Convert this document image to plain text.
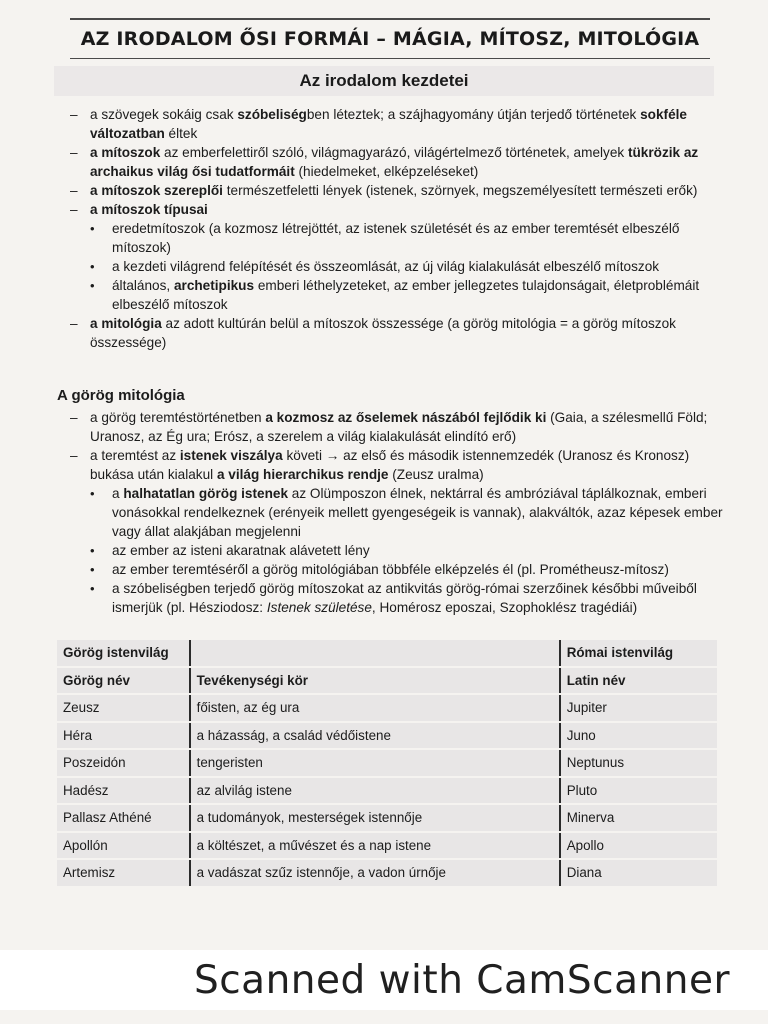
AZ IRODALOM ŐSI FORMÁI – MÁGIA, MÍTOSZ, MITOLÓGIA
Az irodalom kezdetei
– a szövegek sokáig csak szóbeliségben léteztek; a szájhagyomány útján terjedő történetek sokféle változatban éltek
– a mítoszok az emberfelettiről szóló, világmagyarázó, világértelmező történetek, amelyek tükrözik az archaikus világ ősi tudatformáit (hiedelmeket, elképzeléseket)
– a mítoszok szereplői természetfeletti lények (istenek, szörnyek, megszemélyesített természeti erők)
– a mítoszok típusai
• eredetmítoszok (a kozmosz létrejöttét, az istenek születését és az ember teremtését elbeszélő mítoszok)
• a kezdeti világrend felépítését és összeomlását, az új világ kialakulását elbeszélő mítoszok
• általános, archetipikus emberi léthelyzeteket, az ember jellegzetes tulajdonságait, életproblémáit elbeszélő mítoszok
– a mitológia az adott kultúrán belül a mítoszok összessége (a görög mitológia = a görög mítoszok összessége)
A görög mitológia
– a görög teremtéstörténetben a kozmosz az őselemek nászából fejlődik ki (Gaia, a szélesmellű Föld; Uranosz, az Ég ura; Erósz, a szerelem a világ kialakulását elindító erő)
– a teremtést az istenek viszálya követi → az első és második istennemzedék (Uranosz és Kronosz) bukása után kialakul a világ hierarchikus rendje (Zeusz uralma)
• a halhatatlan görög istenek az Olümposzon élnek, nektárral és ambróziával táplálkoznak, emberi vonásokkal rendelkeznek (erényeik mellett gyengeségeik is vannak), alakváltók, azaz képesek ember vagy állat alakjában megjelenni
• az ember az isteni akaratnak alávetett lény
• az ember teremtéséről a görög mitológiában többféle elképzelés él (pl. Prométheusz-mítosz)
• a szóbeliségben terjedő görög mítoszokat az antikvitás görög-római szerzőinek későbbi műveiből ismerjük (pl. Hésziodosz: Istenek születése, Homérosz eposzai, Szophoklész tragédiái)
Görög istenvilág		Római istenvilág
Görög név	Tevékenységi kör	Latin név
Zeusz	főisten, az ég ura	Jupiter
Héra	a házasság, a család védőistene	Juno
Poszeidón	tengeristen	Neptunus
Hadész	az alvilág istene	Pluto
Pallasz Athéné	a tudományok, mesterségek istennője	Minerva
Apollón	a költészet, a művészet és a nap istene	Apollo
Artemisz	a vadászat szűz istennője, a vadon úrnője	Diana
Scanned with CamScanner
